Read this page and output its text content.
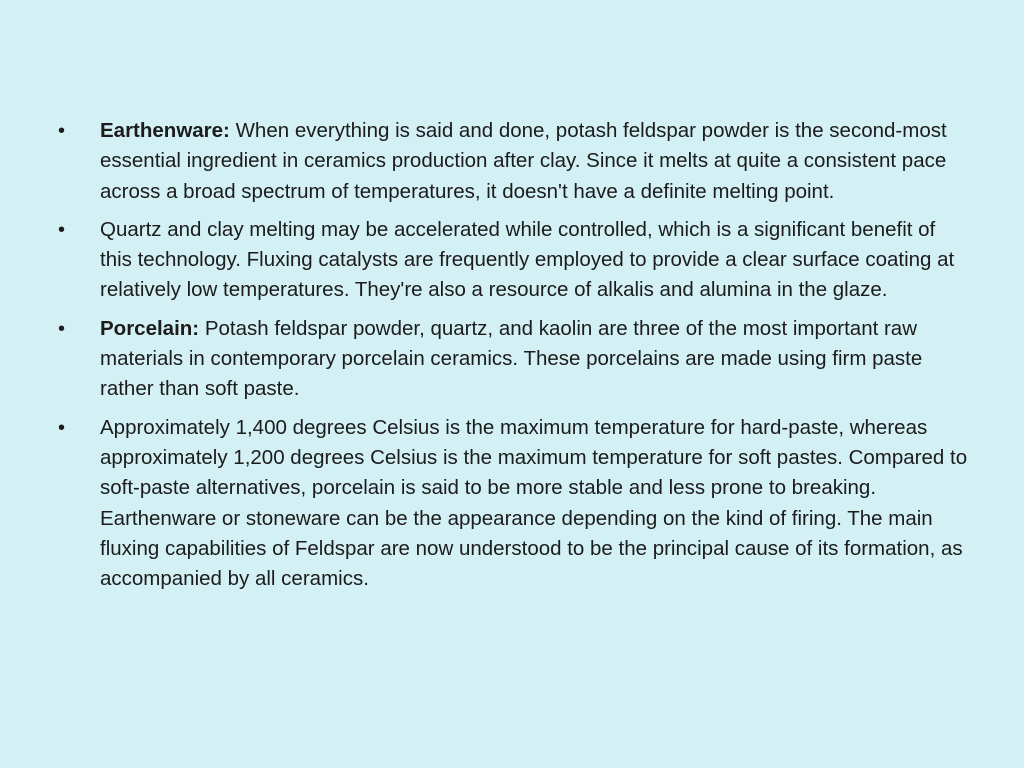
•	Earthenware: When everything is said and done, potash feldspar powder is the second-most essential ingredient in ceramics production after clay. Since it melts at quite a consistent pace across a broad spectrum of temperatures, it doesn't have a definite melting point.
•	Quartz and clay melting may be accelerated while controlled, which is a significant benefit of this technology. Fluxing catalysts are frequently employed to provide a clear surface coating at relatively low temperatures. They're also a resource of alkalis and alumina in the glaze.
•	Porcelain: Potash feldspar powder, quartz, and kaolin are three of the most important raw materials in contemporary porcelain ceramics. These porcelains are made using firm paste rather than soft paste.
•	Approximately 1,400 degrees Celsius is the maximum temperature for hard-paste, whereas approximately 1,200 degrees Celsius is the maximum temperature for soft pastes. Compared to soft-paste alternatives, porcelain is said to be more stable and less prone to breaking. Earthenware or stoneware can be the appearance depending on the kind of firing. The main fluxing capabilities of Feldspar are now understood to be the principal cause of its formation, as accompanied by all ceramics.
